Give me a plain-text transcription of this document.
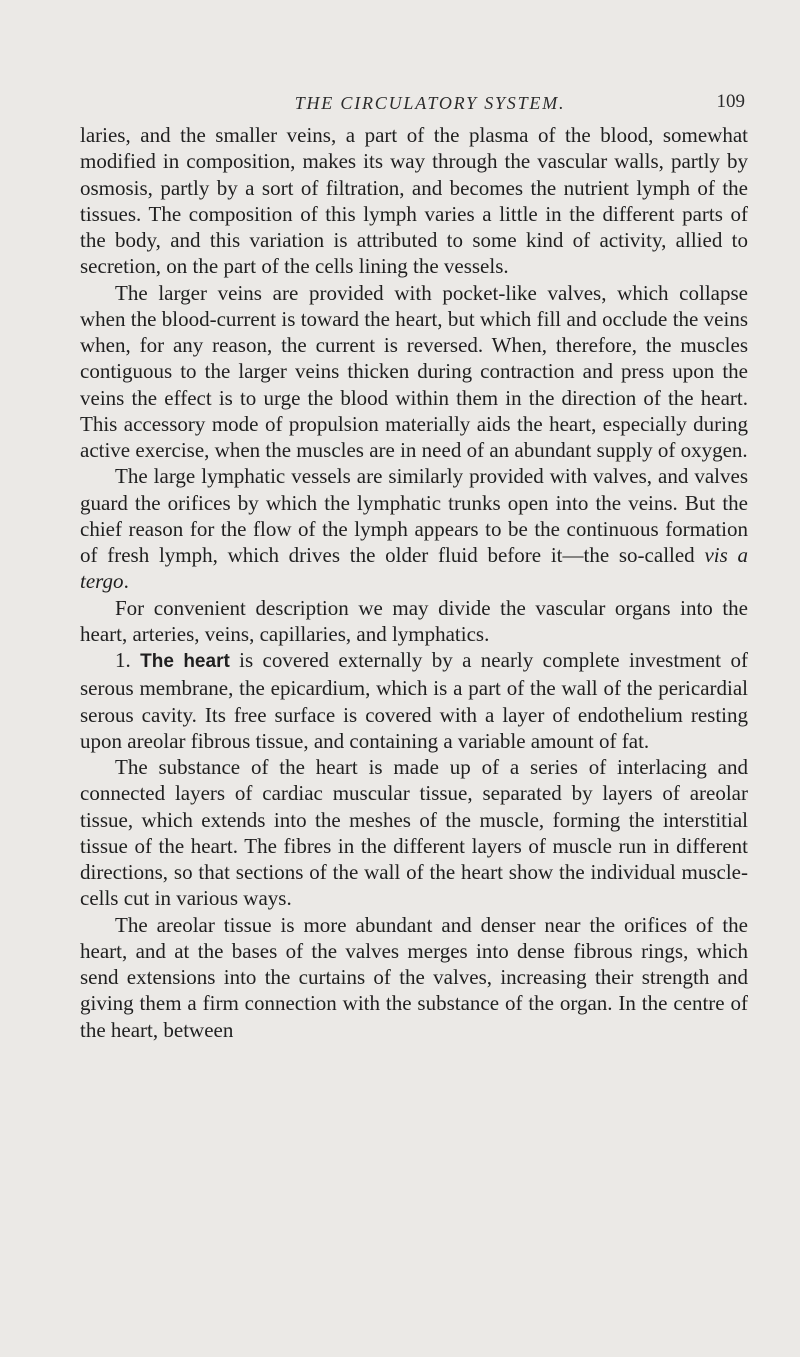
THE CIRCULATORY SYSTEM.	109

laries, and the smaller veins, a part of the plasma of the blood, somewhat modified in composition, makes its way through the vascular walls, partly by osmosis, partly by a sort of filtration, and becomes the nutrient lymph of the tissues. The composition of this lymph varies a little in the different parts of the body, and this variation is attributed to some kind of activity, allied to secretion, on the part of the cells lining the vessels.

The larger veins are provided with pocket-like valves, which collapse when the blood-current is toward the heart, but which fill and occlude the veins when, for any reason, the current is reversed. When, therefore, the muscles contiguous to the larger veins thicken during contraction and press upon the veins the effect is to urge the blood within them in the direction of the heart. This accessory mode of propulsion materially aids the heart, especially during active exercise, when the muscles are in need of an abundant supply of oxygen.

The large lymphatic vessels are similarly provided with valves, and valves guard the orifices by which the lymphatic trunks open into the veins. But the chief reason for the flow of the lymph appears to be the continuous formation of fresh lymph, which drives the older fluid before it—the so-called vis a tergo.

For convenient description we may divide the vascular organs into the heart, arteries, veins, capillaries, and lymphatics.

1. The heart is covered externally by a nearly complete investment of serous membrane, the epicardium, which is a part of the wall of the pericardial serous cavity. Its free surface is covered with a layer of endothelium resting upon areolar fibrous tissue, and containing a variable amount of fat.

The substance of the heart is made up of a series of interlacing and connected layers of cardiac muscular tissue, separated by layers of areolar tissue, which extends into the meshes of the muscle, forming the interstitial tissue of the heart. The fibres in the different layers of muscle run in different directions, so that sections of the wall of the heart show the individual muscle-cells cut in various ways.

The areolar tissue is more abundant and denser near the orifices of the heart, and at the bases of the valves merges into dense fibrous rings, which send extensions into the curtains of the valves, increasing their strength and giving them a firm connection with the substance of the organ. In the centre of the heart, between
